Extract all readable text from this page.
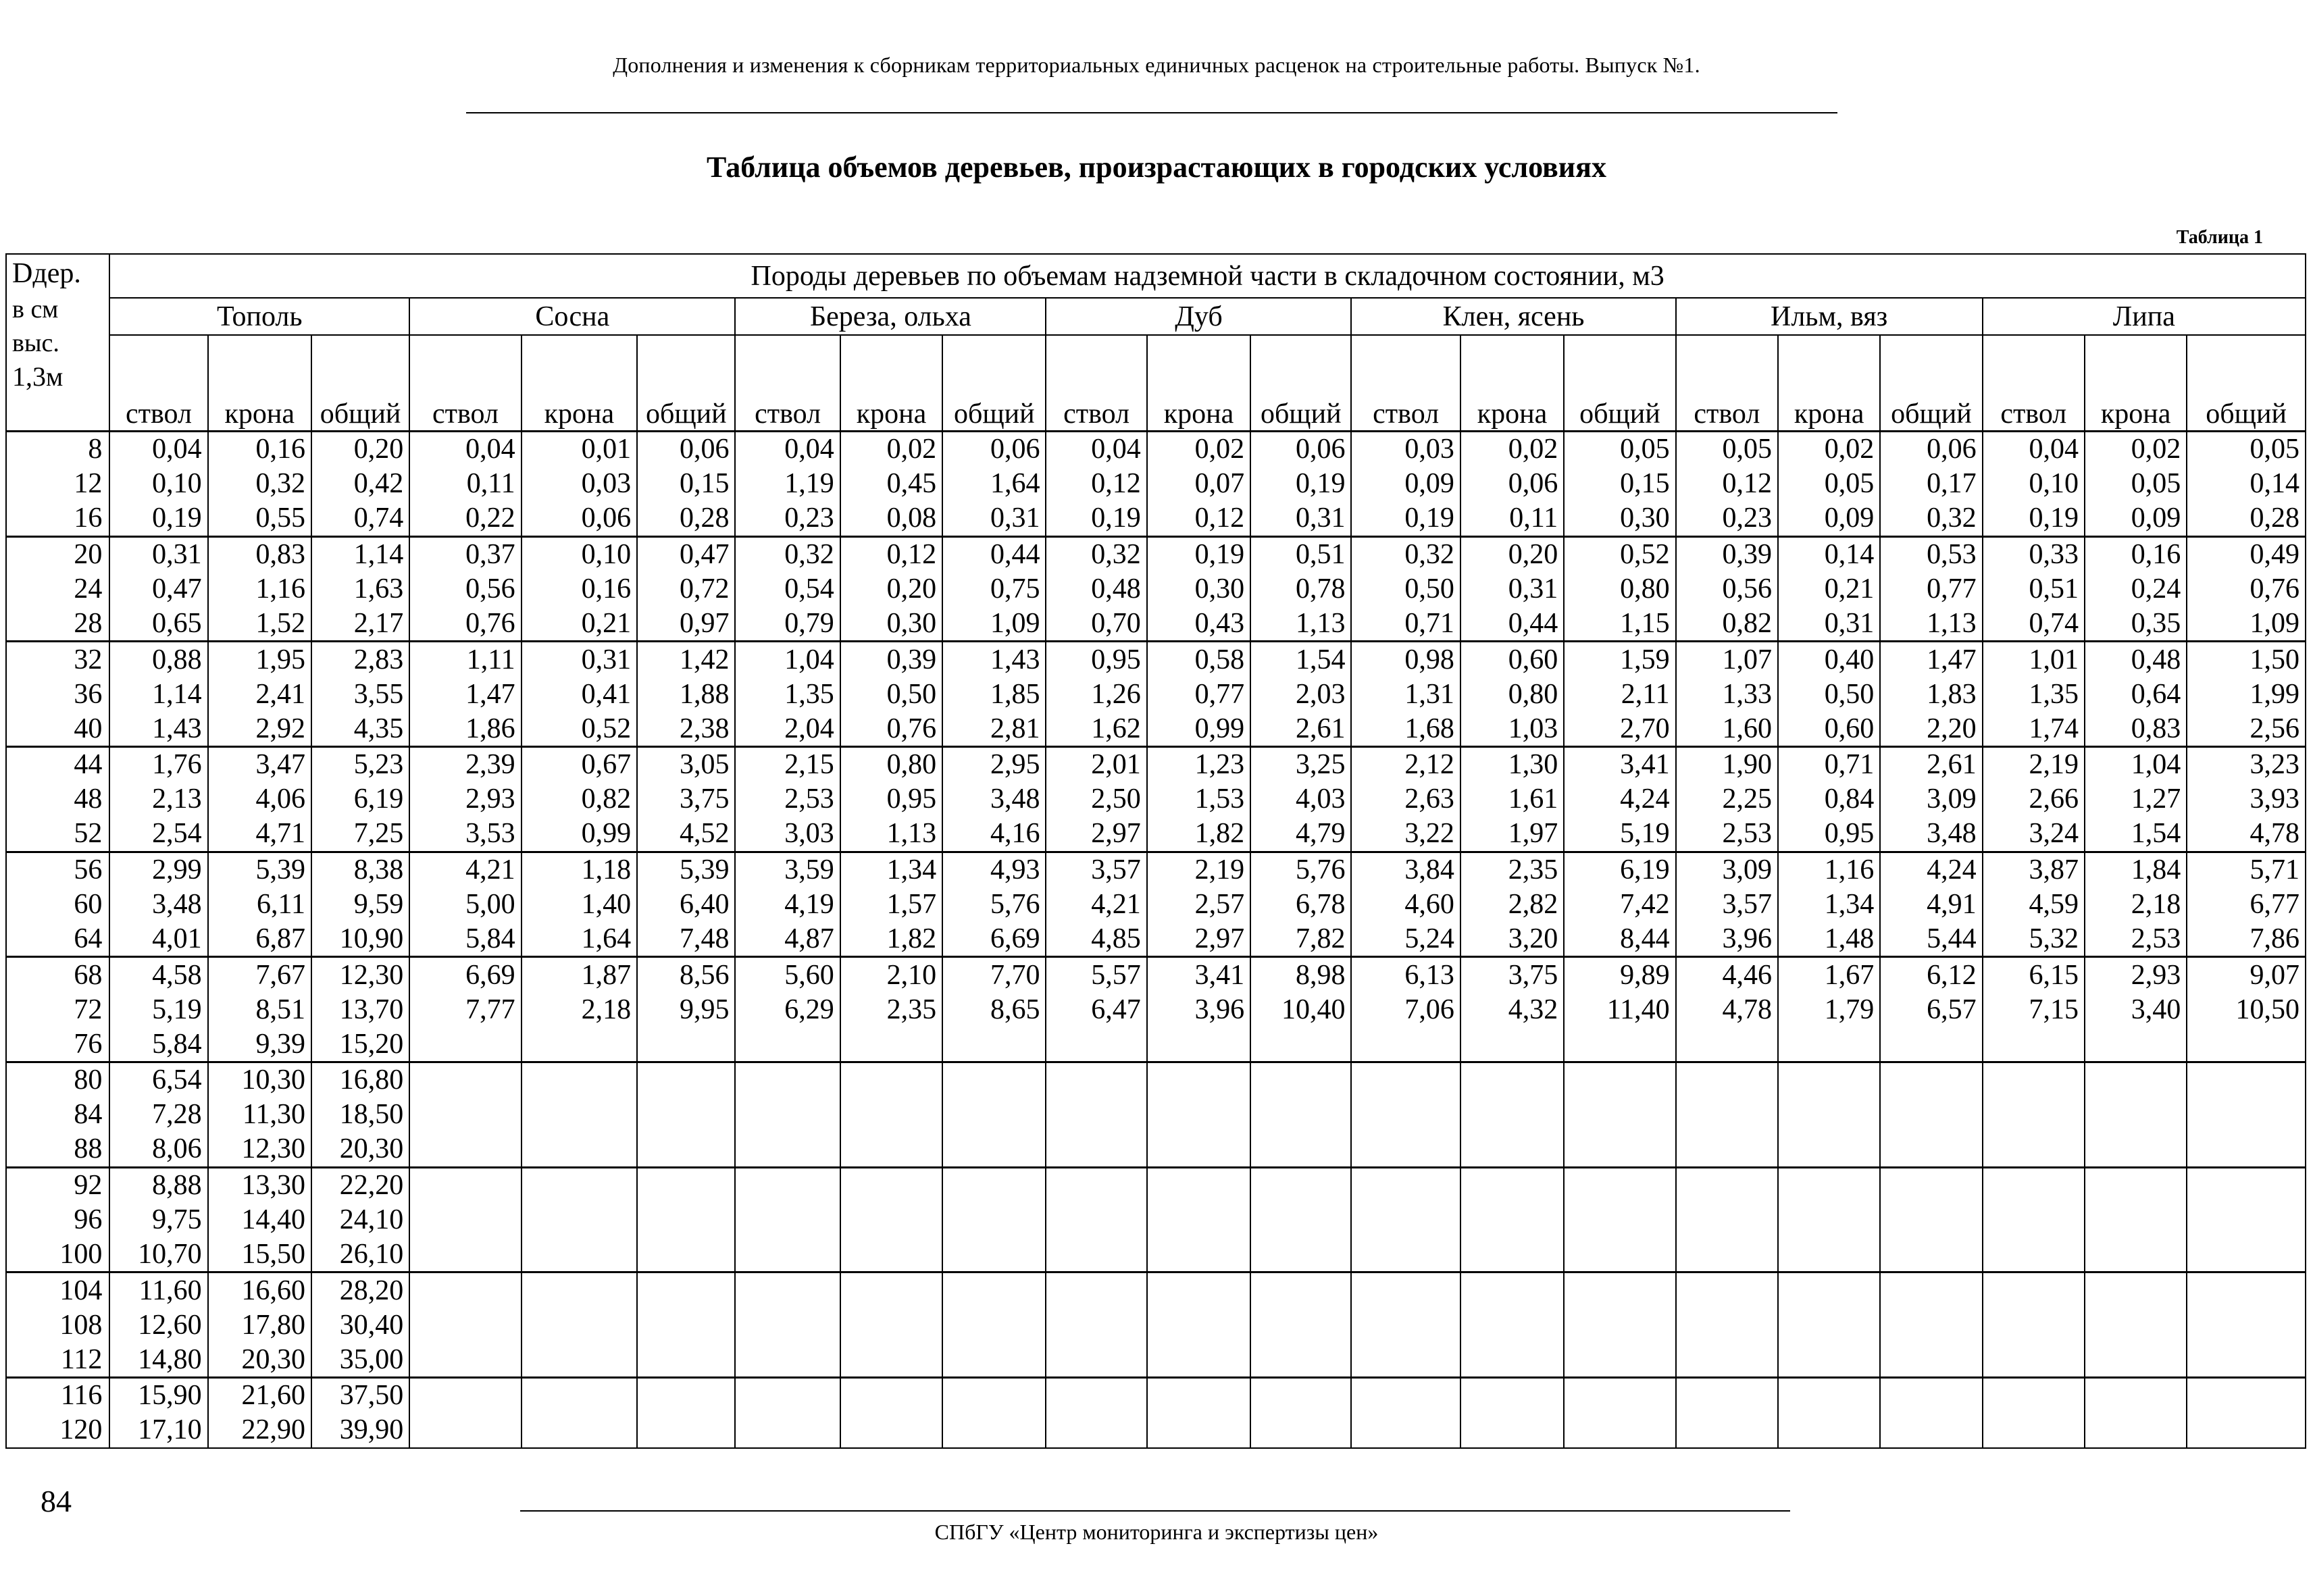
Дополнения и изменения к сборникам территориальных единичных расценок на строительные работы. Выпуск №1.
Таблица объемов деревьев, произрастающих в городских условиях
Таблица 1
Dдер.
в см
выс.
1,3м	Породы деревьев по объемам надземной части в складочном состоянии, м3																				
	Тополь			Сосна			Береза, ольха			Дуб			Клен, ясень			Ильм, вяз			Липа		
	ствол	крона	общий	ствол	крона	общий	ствол	крона	общий	ствол	крона	общий	ствол	крона	общий	ствол	крона	общий	ствол	крона	общий
8	0,04	0,16	0,20	0,04	0,01	0,06	0,04	0,02	0,06	0,04	0,02	0,06	0,03	0,02	0,05	0,05	0,02	0,06	0,04	0,02	0,05
12	0,10	0,32	0,42	0,11	0,03	0,15	1,19	0,45	1,64	0,12	0,07	0,19	0,09	0,06	0,15	0,12	0,05	0,17	0,10	0,05	0,14
16	0,19	0,55	0,74	0,22	0,06	0,28	0,23	0,08	0,31	0,19	0,12	0,31	0,19	0,11	0,30	0,23	0,09	0,32	0,19	0,09	0,28
20	0,31	0,83	1,14	0,37	0,10	0,47	0,32	0,12	0,44	0,32	0,19	0,51	0,32	0,20	0,52	0,39	0,14	0,53	0,33	0,16	0,49
24	0,47	1,16	1,63	0,56	0,16	0,72	0,54	0,20	0,75	0,48	0,30	0,78	0,50	0,31	0,80	0,56	0,21	0,77	0,51	0,24	0,76
28	0,65	1,52	2,17	0,76	0,21	0,97	0,79	0,30	1,09	0,70	0,43	1,13	0,71	0,44	1,15	0,82	0,31	1,13	0,74	0,35	1,09
32	0,88	1,95	2,83	1,11	0,31	1,42	1,04	0,39	1,43	0,95	0,58	1,54	0,98	0,60	1,59	1,07	0,40	1,47	1,01	0,48	1,50
36	1,14	2,41	3,55	1,47	0,41	1,88	1,35	0,50	1,85	1,26	0,77	2,03	1,31	0,80	2,11	1,33	0,50	1,83	1,35	0,64	1,99
40	1,43	2,92	4,35	1,86	0,52	2,38	2,04	0,76	2,81	1,62	0,99	2,61	1,68	1,03	2,70	1,60	0,60	2,20	1,74	0,83	2,56
44	1,76	3,47	5,23	2,39	0,67	3,05	2,15	0,80	2,95	2,01	1,23	3,25	2,12	1,30	3,41	1,90	0,71	2,61	2,19	1,04	3,23
48	2,13	4,06	6,19	2,93	0,82	3,75	2,53	0,95	3,48	2,50	1,53	4,03	2,63	1,61	4,24	2,25	0,84	3,09	2,66	1,27	3,93
52	2,54	4,71	7,25	3,53	0,99	4,52	3,03	1,13	4,16	2,97	1,82	4,79	3,22	1,97	5,19	2,53	0,95	3,48	3,24	1,54	4,78
56	2,99	5,39	8,38	4,21	1,18	5,39	3,59	1,34	4,93	3,57	2,19	5,76	3,84	2,35	6,19	3,09	1,16	4,24	3,87	1,84	5,71
60	3,48	6,11	9,59	5,00	1,40	6,40	4,19	1,57	5,76	4,21	2,57	6,78	4,60	2,82	7,42	3,57	1,34	4,91	4,59	2,18	6,77
64	4,01	6,87	10,90	5,84	1,64	7,48	4,87	1,82	6,69	4,85	2,97	7,82	5,24	3,20	8,44	3,96	1,48	5,44	5,32	2,53	7,86
68	4,58	7,67	12,30	6,69	1,87	8,56	5,60	2,10	7,70	5,57	3,41	8,98	6,13	3,75	9,89	4,46	1,67	6,12	6,15	2,93	9,07
72	5,19	8,51	13,70	7,77	2,18	9,95	6,29	2,35	8,65	6,47	3,96	10,40	7,06	4,32	11,40	4,78	1,79	6,57	7,15	3,40	10,50
76	5,84	9,39	15,20																		
80	6,54	10,30	16,80																		
84	7,28	11,30	18,50																		
88	8,06	12,30	20,30																		
92	8,88	13,30	22,20																		
96	9,75	14,40	24,10																		
100	10,70	15,50	26,10																		
104	11,60	16,60	28,20																		
108	12,60	17,80	30,40																		
112	14,80	20,30	35,00																		
116	15,90	21,60	37,50																		
120	17,10	22,90	39,90																		
84
СПбГУ «Центр мониторинга и экспертизы цен»
